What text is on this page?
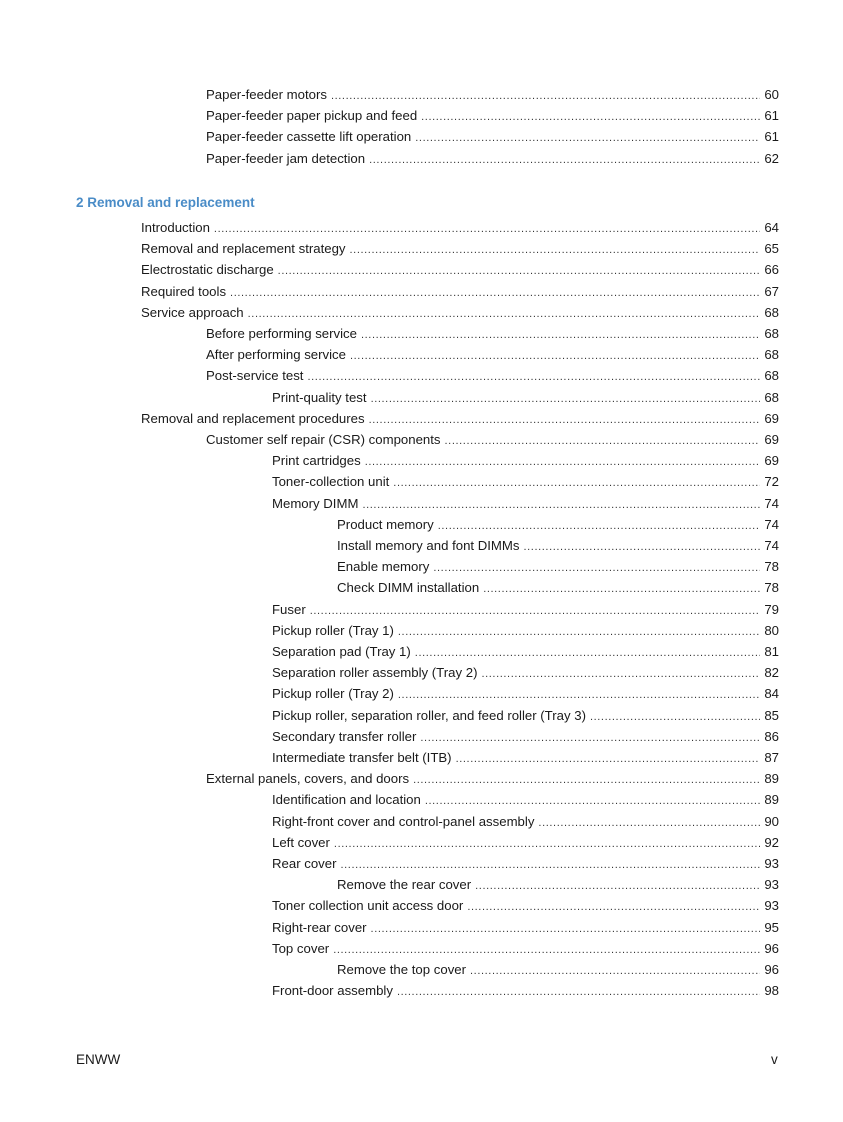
Paper-feeder motors .....	60
Paper-feeder paper pickup and feed .....	61
Paper-feeder cassette lift operation .....	61
Paper-feeder jam detection .....	62
2 Removal and replacement
Introduction .....	64
Removal and replacement strategy .....	65
Electrostatic discharge .....	66
Required tools .....	67
Service approach .....	68
Before performing service .....	68
After performing service .....	68
Post-service test .....	68
Print-quality test .....	68
Removal and replacement procedures .....	69
Customer self repair (CSR) components .....	69
Print cartridges .....	69
Toner-collection unit .....	72
Memory DIMM .....	74
Product memory .....	74
Install memory and font DIMMs .....	74
Enable memory .....	78
Check DIMM installation .....	78
Fuser .....	79
Pickup roller (Tray 1) .....	80
Separation pad (Tray 1) .....	81
Separation roller assembly (Tray 2) .....	82
Pickup roller (Tray 2) .....	84
Pickup roller, separation roller, and feed roller (Tray 3) .....	85
Secondary transfer roller .....	86
Intermediate transfer belt (ITB) .....	87
External panels, covers, and doors .....	89
Identification and location .....	89
Right-front cover and control-panel assembly .....	90
Left cover .....	92
Rear cover .....	93
Remove the rear cover .....	93
Toner collection unit access door .....	93
Right-rear cover .....	95
Top cover .....	96
Remove the top cover .....	96
Front-door assembly .....	98
ENWW	v
